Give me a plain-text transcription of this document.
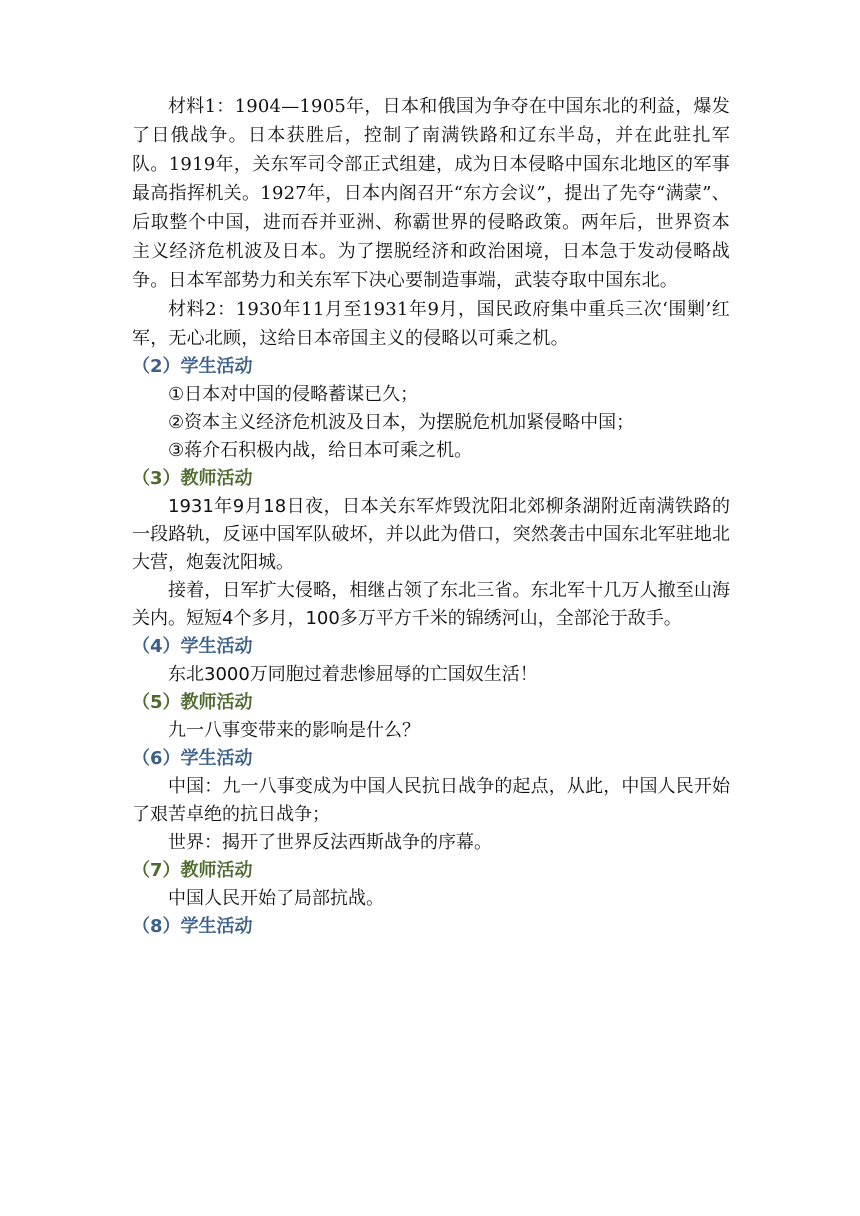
材料1：1904—1905年，日本和俄国为争夺在中国东北的利益，爆发了日俄战争。日本获胜后，控制了南满铁路和辽东半岛，并在此驻扎军队。1919年，关东军司令部正式组建，成为日本侵略中国东北地区的军事最高指挥机关。1927年，日本内阁召开“东方会议”，提出了先夺“满蒙”、后取整个中国，进而吞并亚洲、称霸世界的侵略政策。两年后，世界资本主义经济危机波及日本。为了摆脱经济和政治困境，日本急于发动侵略战争。日本军部势力和关东军下决心要制造事端，武装夺取中国东北。

材料2：1930年11月至1931年9月，国民政府集中重兵三次‘围剿’红军，无心北顾，这给日本帝国主义的侵略以可乘之机。

（2）学生活动

①日本对中国的侵略蓄谋已久；

②资本主义经济危机波及日本，为摆脱危机加紧侵略中国；

③蒋介石积极内战，给日本可乘之机。

（3）教师活动

1931年9月18日夜，日本关东军炸毁沈阳北郊柳条湖附近南满铁路的一段路轨，反诬中国军队破坏，并以此为借口，突然袭击中国东北军驻地北大营，炮轰沈阳城。

接着，日军扩大侵略，相继占领了东北三省。东北军十几万人撤至山海关内。短短4个多月，100多万平方千米的锦绣河山，全部沦于敌手。

（4）学生活动

东北3000万同胞过着悲惨屈辱的亡国奴生活！

（5）教师活动

九一八事变带来的影响是什么？

（6）学生活动

中国：九一八事变成为中国人民抗日战争的起点，从此，中国人民开始了艰苦卓绝的抗日战争；

世界：揭开了世界反法西斯战争的序幕。

（7）教师活动

中国人民开始了局部抗战。

（8）学生活动
